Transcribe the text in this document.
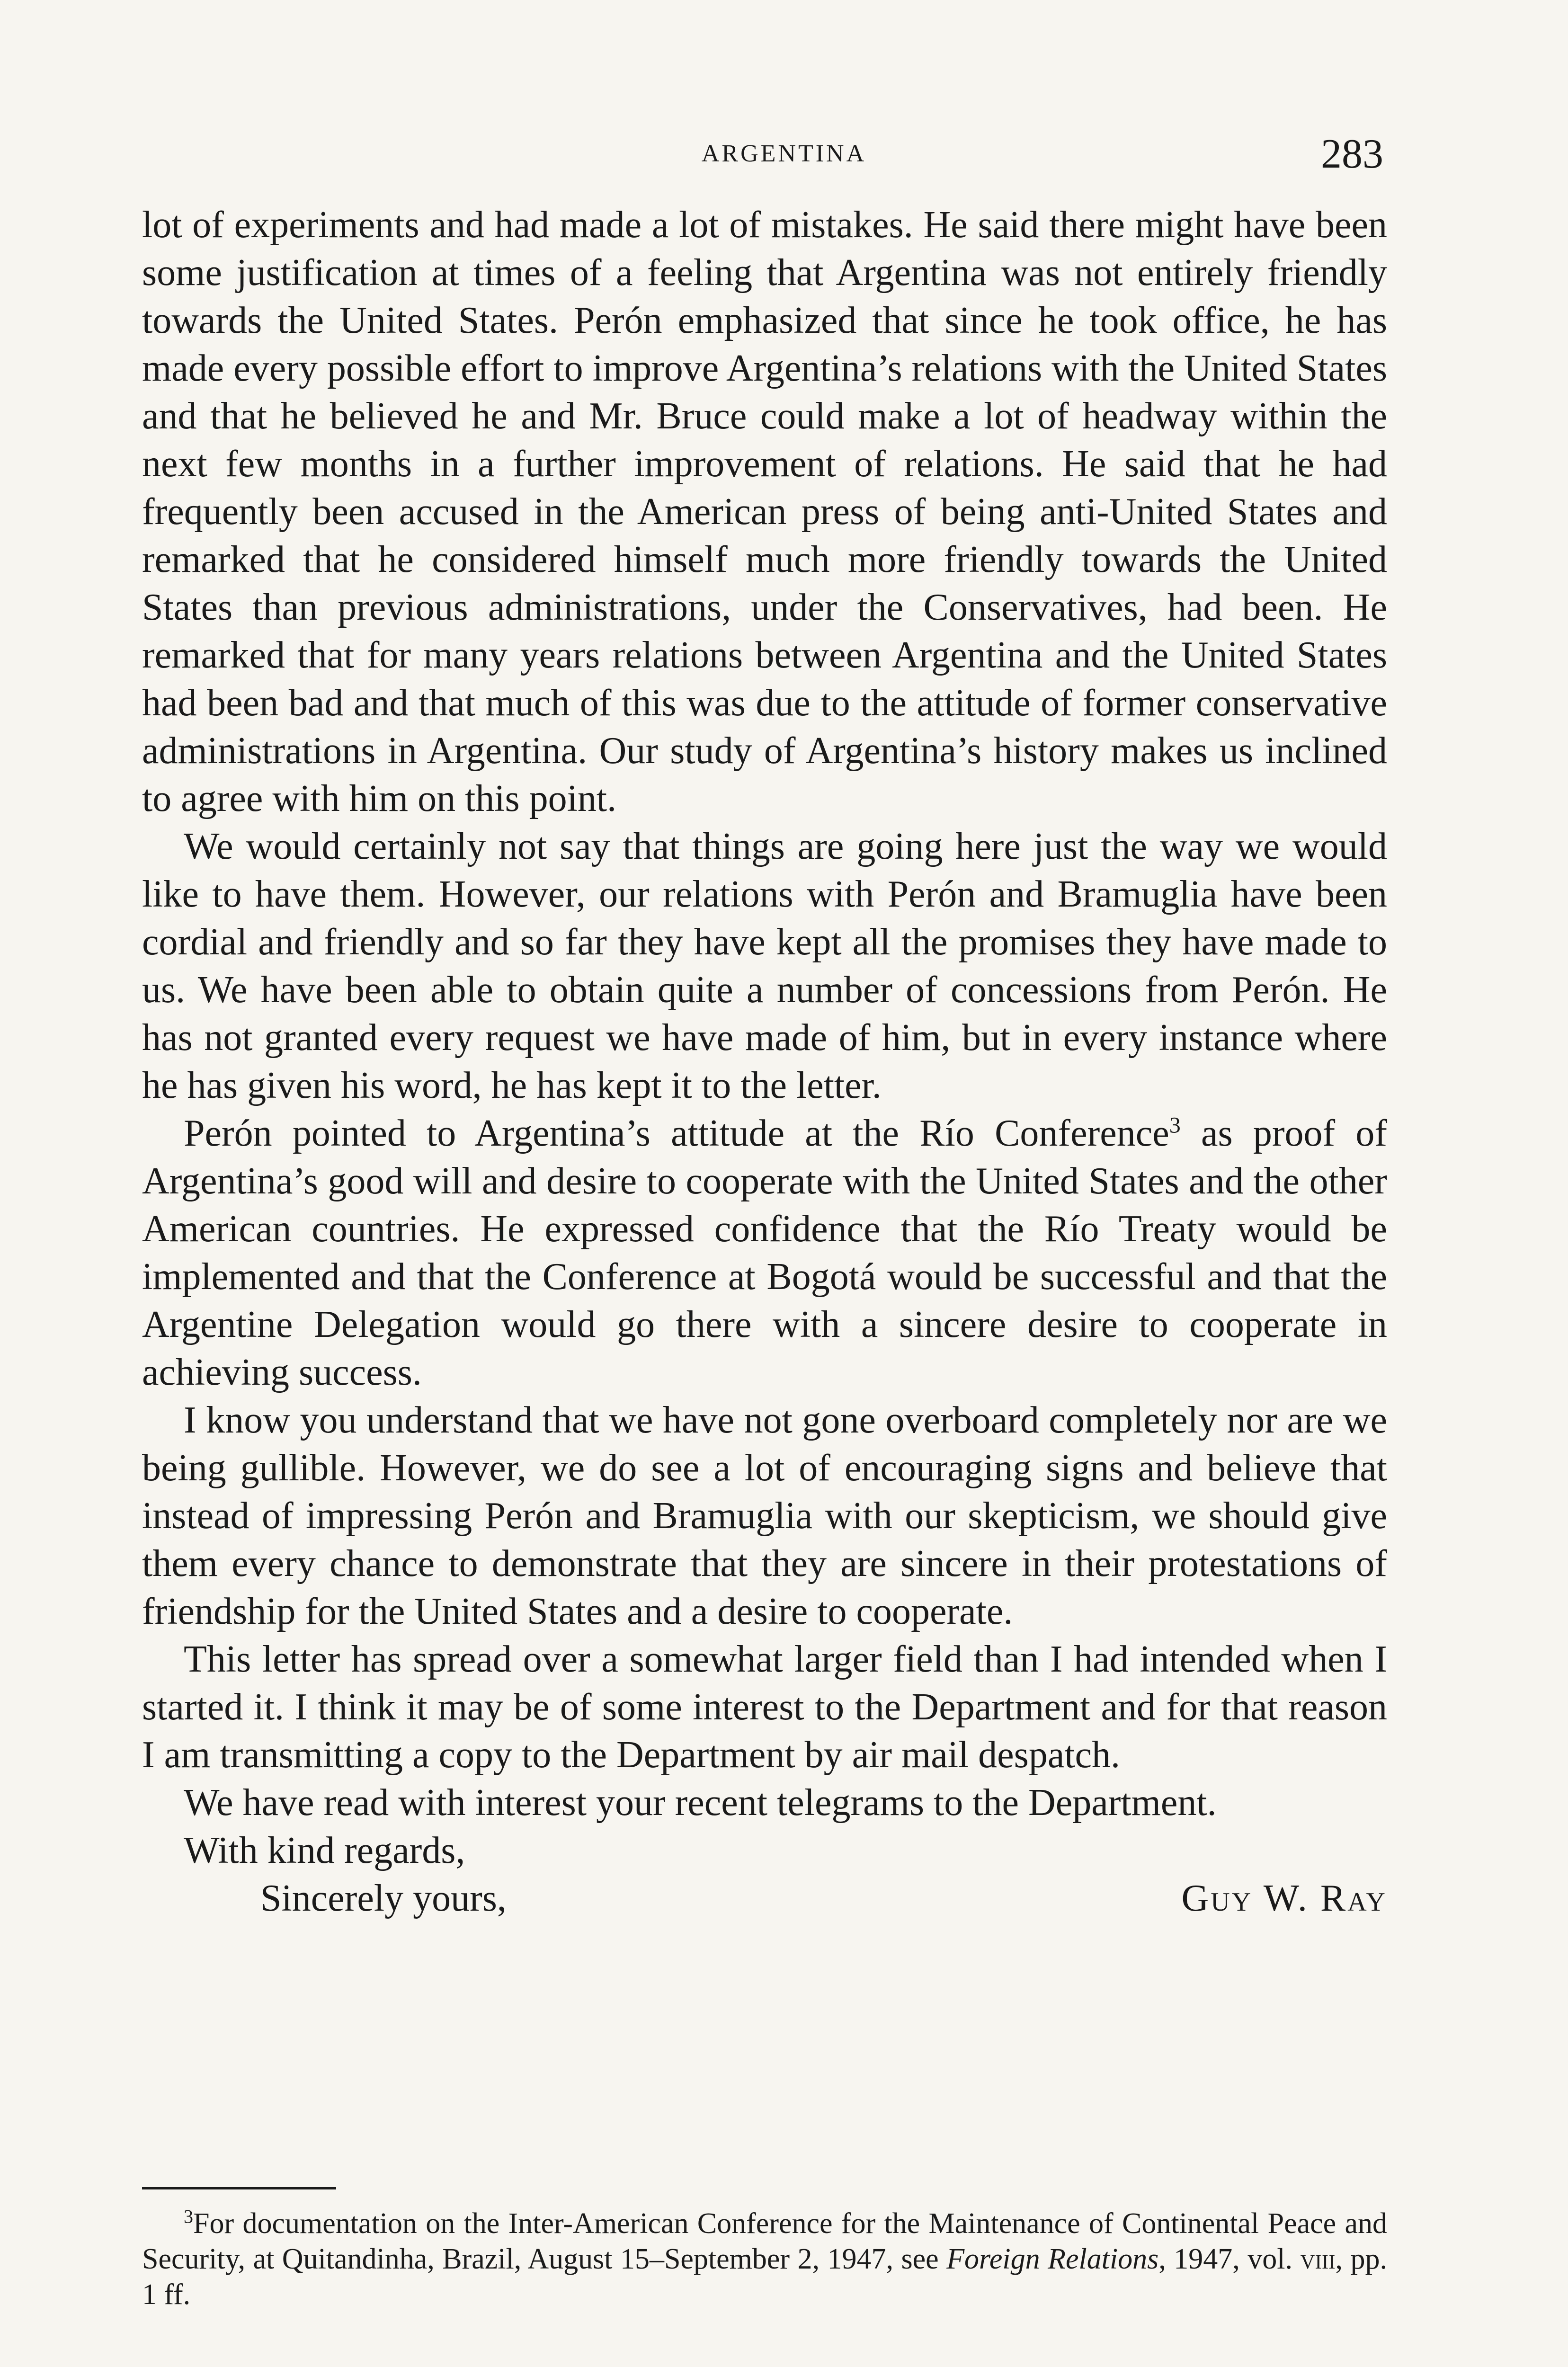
ARGENTINA	283

lot of experiments and had made a lot of mistakes. He said there might have been some justification at times of a feeling that Argentina was not entirely friendly towards the United States. Perón emphasized that since he took office, he has made every possible effort to improve Argentina’s relations with the United States and that he believed he and Mr. Bruce could make a lot of headway within the next few months in a further improvement of relations. He said that he had frequently been accused in the American press of being anti-United States and remarked that he considered himself much more friendly towards the United States than previous administrations, under the Conservatives, had been. He remarked that for many years relations between Argentina and the United States had been bad and that much of this was due to the attitude of former conservative administrations in Argentina. Our study of Argentina’s history makes us inclined to agree with him on this point.

We would certainly not say that things are going here just the way we would like to have them. However, our relations with Perón and Bramuglia have been cordial and friendly and so far they have kept all the promises they have made to us. We have been able to obtain quite a number of concessions from Perón. He has not granted every request we have made of him, but in every instance where he has given his word, he has kept it to the letter.

Perón pointed to Argentina’s attitude at the Río Conference$^3$ as proof of Argentina’s good will and desire to cooperate with the United States and the other American countries. He expressed confidence that the Río Treaty would be implemented and that the Conference at Bogotá would be successful and that the Argentine Delegation would go there with a sincere desire to cooperate in achieving success.

I know you understand that we have not gone overboard completely nor are we being gullible. However, we do see a lot of encouraging signs and believe that instead of impressing Perón and Bramuglia with our skepticism, we should give them every chance to demonstrate that they are sincere in their protestations of friendship for the United States and a desire to cooperate.

This letter has spread over a somewhat larger field than I had intended when I started it. I think it may be of some interest to the Department and for that reason I am transmitting a copy to the Department by air mail despatch.

We have read with interest your recent telegrams to the Department.

With kind regards,

Sincerely yours,	Guy W. Ray

$^3$For documentation on the Inter-American Conference for the Maintenance of Continental Peace and Security, at Quitandinha, Brazil, August 15–September 2, 1947, see Foreign Relations, 1947, vol. viii, pp. 1 ff.
